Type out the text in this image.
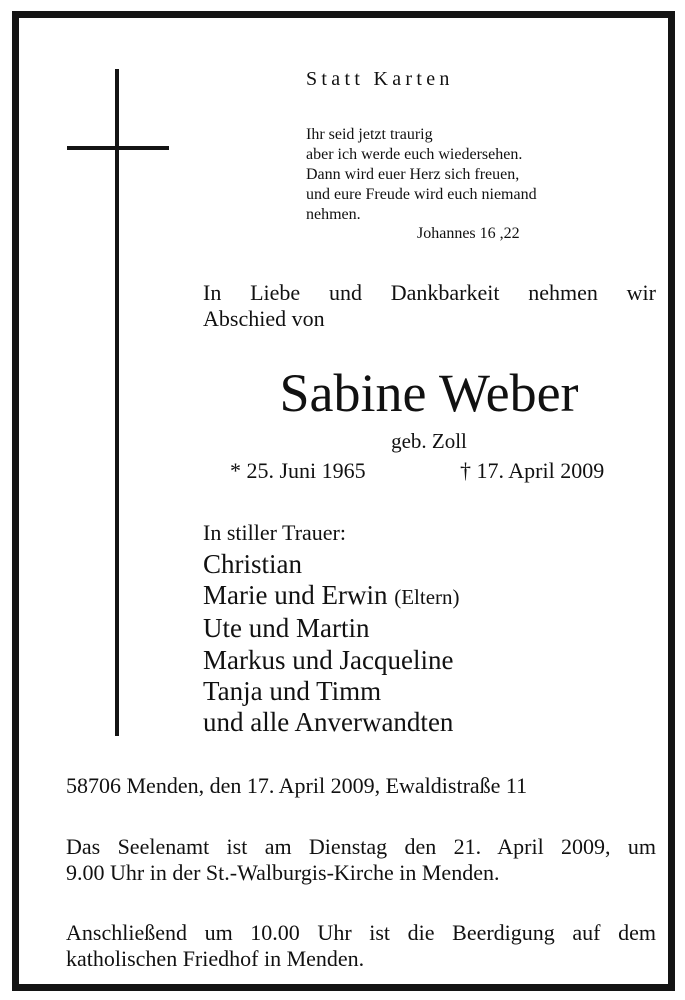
Statt Karten
Ihr seid jetzt traurig
aber ich werde euch wiedersehen.
Dann wird euer Herz sich freuen,
und eure Freude wird euch niemand
nehmen.
Johannes 16 ,22
In Liebe und Dankbarkeit nehmen wir
Abschied von
Sabine Weber
geb. Zoll
* 25. Juni 1965	† 17. April 2009
In stiller Trauer:
Christian
Marie und Erwin (Eltern)
Ute und Martin
Markus und Jacqueline
Tanja und Timm
und alle Anverwandten
58706 Menden, den 17. April 2009, Ewaldistraße 11
Das Seelenamt ist am Dienstag den 21. April 2009, um
9.00 Uhr in der St.-Walburgis-Kirche in Menden.
Anschließend um 10.00 Uhr ist die Beerdigung auf dem
katholischen Friedhof in Menden.
